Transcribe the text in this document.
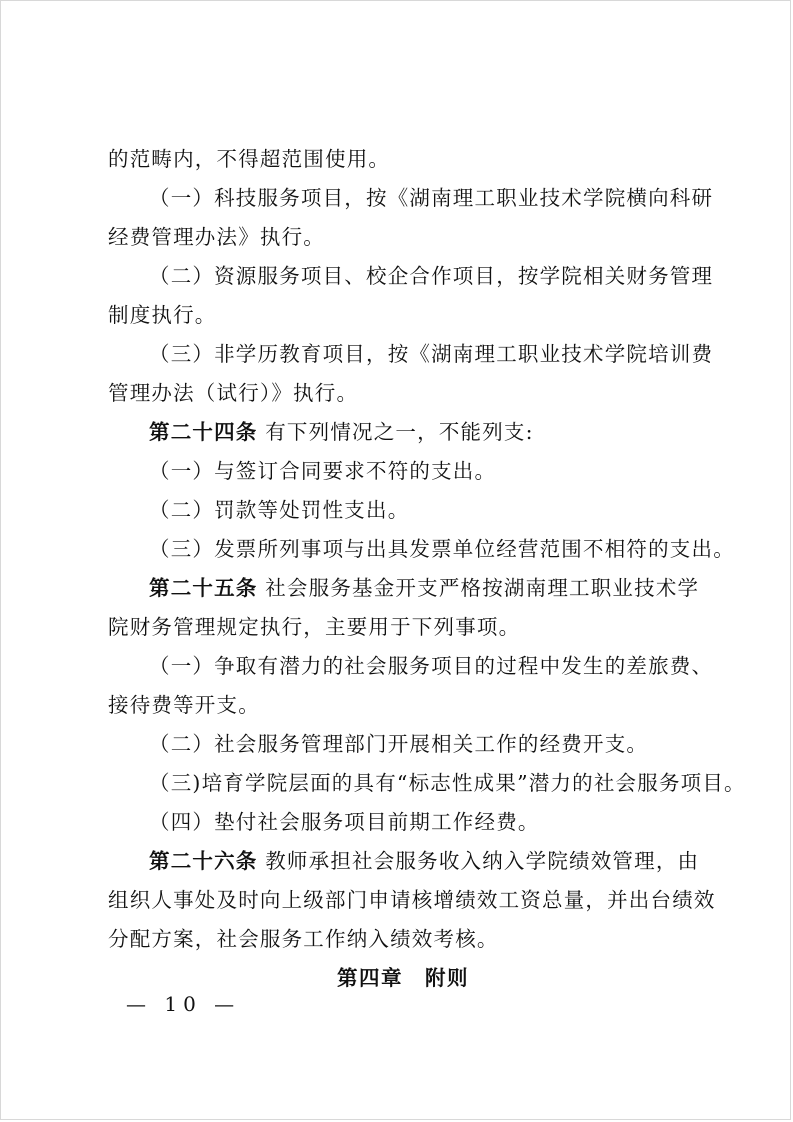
的范畴内，不得超范围使用。
（一）科技服务项目，按《湖南理工职业技术学院横向科研
经费管理办法》执行。
（二）资源服务项目、校企合作项目，按学院相关财务管理
制度执行。
（三）非学历教育项目，按《湖南理工职业技术学院培训费
管理办法（试行）》执行。
第二十四条 有下列情况之一，不能列支:
（一）与签订合同要求不符的支出。
（二）罚款等处罚性支出。
（三）发票所列事项与出具发票单位经营范围不相符的支出。
第二十五条 社会服务基金开支严格按湖南理工职业技术学
院财务管理规定执行，主要用于下列事项。
（一）争取有潜力的社会服务项目的过程中发生的差旅费、
接待费等开支。
（二）社会服务管理部门开展相关工作的经费开支。
（三)培育学院层面的具有“标志性成果”潜力的社会服务项目。
（四）垫付社会服务项目前期工作经费。
第二十六条 教师承担社会服务收入纳入学院绩效管理，由
组织人事处及时向上级部门申请核增绩效工资总量，并出台绩效
分配方案，社会服务工作纳入绩效考核。
第四章　附则
— 10 —
